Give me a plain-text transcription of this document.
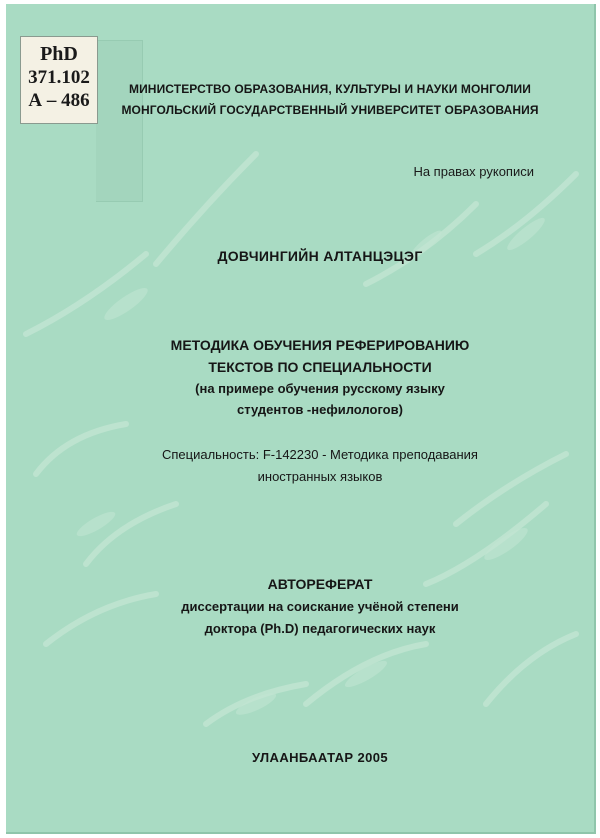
PhD
371.102
А – 486
МИНИСТЕРСТВО ОБРАЗОВАНИЯ, КУЛЬТУРЫ И НАУКИ МОНГОЛИИ
МОНГОЛЬСКИЙ ГОСУДАРСТВЕННЫЙ УНИВЕРСИТЕТ ОБРАЗОВАНИЯ
На правах рукописи
ДОВЧИНГИЙН АЛТАНЦЭЦЭГ
МЕТОДИКА ОБУЧЕНИЯ РЕФЕРИРОВАНИЮ
ТЕКСТОВ ПО СПЕЦИАЛЬНОСТИ
(на примере обучения русскому языку
студентов -нефилологов)
Специальность: F-142230 - Методика преподавания
иностранных языков
АВТОРЕФЕРАТ
диссертации на соискание учёной степени
доктора (Ph.D) педагогических наук
УЛААНБААТАР 2005
